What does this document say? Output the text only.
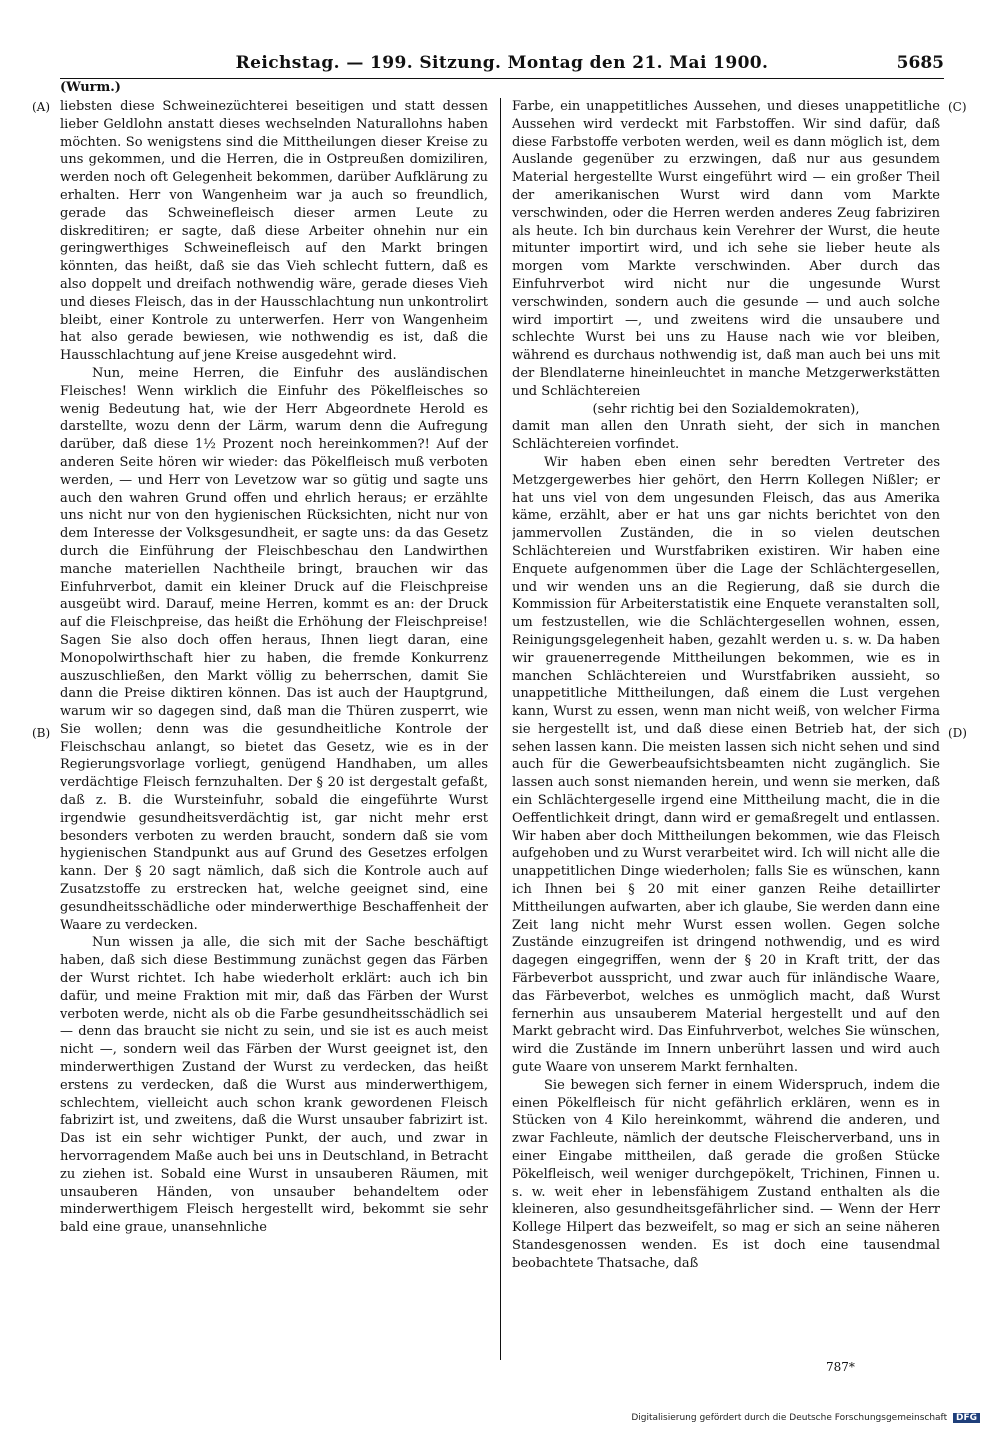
Reichstag. — 199. Sitzung. Montag den 21. Mai 1900.	5685
(Wurm.)
(A)
(B)
(C)
(D)

liebsten diese Schweinezüchterei beseitigen und statt dessen lieber Geldlohn anstatt dieses wechselnden Naturallohns haben möchten. So wenigstens sind die Mittheilungen dieser Kreise zu uns gekommen, und die Herren, die in Ostpreußen domiziliren, werden noch oft Gelegenheit bekommen, darüber Aufklärung zu erhalten. Herr von Wangenheim war ja auch so freundlich, gerade das Schweinefleisch dieser armen Leute zu diskreditiren; er sagte, daß diese Arbeiter ohnehin nur ein geringwerthiges Schweinefleisch auf den Markt bringen könnten, das heißt, daß sie das Vieh schlecht futtern, daß es also doppelt und dreifach nothwendig wäre, gerade dieses Vieh und dieses Fleisch, das in der Hausschlachtung nun unkontrolirt bleibt, einer Kontrole zu unterwerfen. Herr von Wangenheim hat also gerade bewiesen, wie nothwendig es ist, daß die Hausschlachtung auf jene Kreise ausgedehnt wird.

Nun, meine Herren, die Einfuhr des ausländischen Fleisches! Wenn wirklich die Einfuhr des Pökelfleisches so wenig Bedeutung hat, wie der Herr Abgeordnete Herold es darstellte, wozu denn der Lärm, warum denn die Aufregung darüber, daß diese 1½ Prozent noch hereinkommen?! Auf der anderen Seite hören wir wieder: das Pökelfleisch muß verboten werden, — und Herr von Levetzow war so gütig und sagte uns auch den wahren Grund offen und ehrlich heraus; er erzählte uns nicht nur von den hygienischen Rücksichten, nicht nur von dem Interesse der Volksgesundheit, er sagte uns: da das Gesetz durch die Einführung der Fleischbeschau den Landwirthen manche materiellen Nachtheile bringt, brauchen wir das Einfuhrverbot, damit ein kleiner Druck auf die Fleischpreise ausgeübt wird. Darauf, meine Herren, kommt es an: der Druck auf die Fleischpreise, das heißt die Erhöhung der Fleischpreise! Sagen Sie also doch offen heraus, Ihnen liegt daran, eine Monopolwirthschaft hier zu haben, die fremde Konkurrenz auszuschließen, den Markt völlig zu beherrschen, damit Sie dann die Preise diktiren können. Das ist auch der Hauptgrund, warum wir so dagegen sind, daß man die Thüren zusperrt, wie Sie wollen; denn was die gesundheitliche Kontrole der Fleischschau anlangt, so bietet das Gesetz, wie es in der Regierungsvorlage vorliegt, genügend Handhaben, um alles verdächtige Fleisch fernzuhalten. Der § 20 ist dergestalt gefaßt, daß z. B. die Wursteinfuhr, sobald die eingeführte Wurst irgendwie gesundheitsverdächtig ist, gar nicht mehr erst besonders verboten zu werden braucht, sondern daß sie vom hygienischen Standpunkt aus auf Grund des Gesetzes erfolgen kann. Der § 20 sagt nämlich, daß sich die Kontrole auch auf Zusatzstoffe zu erstrecken hat, welche geeignet sind, eine gesundheitsschädliche oder minderwerthige Beschaffenheit der Waare zu verdecken.

Nun wissen ja alle, die sich mit der Sache beschäftigt haben, daß sich diese Bestimmung zunächst gegen das Färben der Wurst richtet. Ich habe wiederholt erklärt: auch ich bin dafür, und meine Fraktion mit mir, daß das Färben der Wurst verboten werde, nicht als ob die Farbe gesundheitsschädlich sei — denn das braucht sie nicht zu sein, und sie ist es auch meist nicht —, sondern weil das Färben der Wurst geeignet ist, den minderwerthigen Zustand der Wurst zu verdecken, das heißt erstens zu verdecken, daß die Wurst aus minderwerthigem, schlechtem, vielleicht auch schon krank gewordenen Fleisch fabrizirt ist, und zweitens, daß die Wurst unsauber fabrizirt ist. Das ist ein sehr wichtiger Punkt, der auch, und zwar in hervorragendem Maße auch bei uns in Deutschland, in Betracht zu ziehen ist. Sobald eine Wurst in unsauberen Räumen, mit unsauberen Händen, von unsauber behandeltem oder minderwerthigem Fleisch hergestellt wird, bekommt sie sehr bald eine graue, unansehnliche

Farbe, ein unappetitliches Aussehen, und dieses unappetitliche Aussehen wird verdeckt mit Farbstoffen. Wir sind dafür, daß diese Farbstoffe verboten werden, weil es dann möglich ist, dem Auslande gegenüber zu erzwingen, daß nur aus gesundem Material hergestellte Wurst eingeführt wird — ein großer Theil der amerikanischen Wurst wird dann vom Markte verschwinden, oder die Herren werden anderes Zeug fabriziren als heute. Ich bin durchaus kein Verehrer der Wurst, die heute mitunter importirt wird, und ich sehe sie lieber heute als morgen vom Markte verschwinden. Aber durch das Einfuhrverbot wird nicht nur die ungesunde Wurst verschwinden, sondern auch die gesunde — und auch solche wird importirt —, und zweitens wird die unsaubere und schlechte Wurst bei uns zu Hause nach wie vor bleiben, während es durchaus nothwendig ist, daß man auch bei uns mit der Blendlaterne hineinleuchtet in manche Metzgerwerkstätten und Schlächtereien

(sehr richtig bei den Sozialdemokraten),

damit man allen den Unrath sieht, der sich in manchen Schlächtereien vorfindet.

Wir haben eben einen sehr beredten Vertreter des Metzgergewerbes hier gehört, den Herrn Kollegen Nißler; er hat uns viel von dem ungesunden Fleisch, das aus Amerika käme, erzählt, aber er hat uns gar nichts berichtet von den jammervollen Zuständen, die in so vielen deutschen Schlächtereien und Wurstfabriken existiren. Wir haben eine Enquete aufgenommen über die Lage der Schlächtergesellen, und wir wenden uns an die Regierung, daß sie durch die Kommission für Arbeiterstatistik eine Enquete veranstalten soll, um festzustellen, wie die Schlächtergesellen wohnen, essen, Reinigungsgelegenheit haben, gezahlt werden u. s. w. Da haben wir grauenerregende Mittheilungen bekommen, wie es in manchen Schlächtereien und Wurstfabriken aussieht, so unappetitliche Mittheilungen, daß einem die Lust vergehen kann, Wurst zu essen, wenn man nicht weiß, von welcher Firma sie hergestellt ist, und daß diese einen Betrieb hat, der sich sehen lassen kann. Die meisten lassen sich nicht sehen und sind auch für die Gewerbeaufsichtsbeamten nicht zugänglich. Sie lassen auch sonst niemanden herein, und wenn sie merken, daß ein Schlächtergeselle irgend eine Mittheilung macht, die in die Oeffentlichkeit dringt, dann wird er gemaßregelt und entlassen. Wir haben aber doch Mittheilungen bekommen, wie das Fleisch aufgehoben und zu Wurst verarbeitet wird. Ich will nicht alle die unappetitlichen Dinge wiederholen; falls Sie es wünschen, kann ich Ihnen bei § 20 mit einer ganzen Reihe detaillirter Mittheilungen aufwarten, aber ich glaube, Sie werden dann eine Zeit lang nicht mehr Wurst essen wollen. Gegen solche Zustände einzugreifen ist dringend nothwendig, und es wird dagegen eingegriffen, wenn der § 20 in Kraft tritt, der das Färbeverbot ausspricht, und zwar auch für inländische Waare, das Färbeverbot, welches es unmöglich macht, daß Wurst fernerhin aus unsauberem Material hergestellt und auf den Markt gebracht wird. Das Einfuhrverbot, welches Sie wünschen, wird die Zustände im Innern unberührt lassen und wird auch gute Waare von unserem Markt fernhalten.

Sie bewegen sich ferner in einem Widerspruch, indem die einen Pökelfleisch für nicht gefährlich erklären, wenn es in Stücken von 4 Kilo hereinkommt, während die anderen, und zwar Fachleute, nämlich der deutsche Fleischerverband, uns in einer Eingabe mittheilen, daß gerade die großen Stücke Pökelfleisch, weil weniger durchgepökelt, Trichinen, Finnen u. s. w. weit eher in lebensfähigem Zustand enthalten als die kleineren, also gesundheitsgefährlicher sind. — Wenn der Herr Kollege Hilpert das bezweifelt, so mag er sich an seine näheren Standesgenossen wenden. Es ist doch eine tausendmal beobachtete Thatsache, daß

787*
Digitalisierung gefördert durch die Deutsche Forschungsgemeinschaft DFG
